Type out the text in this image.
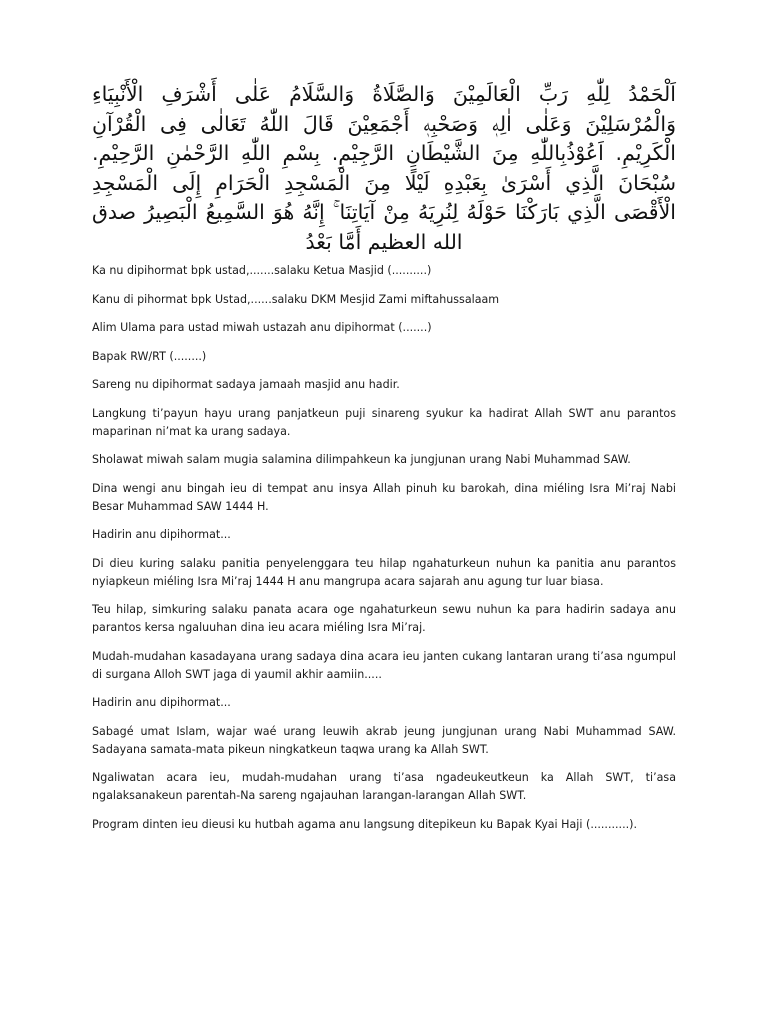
اَلْحَمْدُ لِلّٰهِ رَبِّ الْعَالَمِيْنَ وَالصَّلَاةُ وَالسَّلَامُ عَلٰى أَشْرَفِ الْأَنْبِيَاءِ وَالْمُرْسَلِيْنَ وَعَلٰى اٰلِهٖ وَصَحْبِهٖ أَجْمَعِيْنَ قَالَ اللّٰهُ تَعَالٰى فِى الْقُرْآنِ الْكَرِيْمِ. اَعُوْذُبِاللّٰهِ مِنَ الشَّيْطَانِ الرَّجِيْمِ. بِسْمِ اللّٰهِ الرَّحْمٰنِ الرَّحِيْمِ. سُبْحَانَ الَّذِي أَسْرَىٰ بِعَبْدِهِ لَيْلًا مِنَ الْمَسْجِدِ الْحَرَامِ إِلَى الْمَسْجِدِ الْأَقْصَى الَّذِي بَارَكْنَا حَوْلَهُ لِنُرِيَهُ مِنْ آيَاتِنَا ۚ إِنَّهُ هُوَ السَّمِيعُ الْبَصِيرُ صدق الله العظيم أَمَّا بَعْدُ

Ka nu dipihormat bpk ustad,.......salaku Ketua Masjid (..........)

Kanu di pihormat bpk Ustad,......salaku DKM Mesjid Zami miftahussalaam

Alim Ulama para ustad miwah ustazah anu dipihormat (.......)

Bapak RW/RT (........)

Sareng nu dipihormat sadaya jamaah masjid anu hadir.

Langkung ti’payun hayu urang panjatkeun puji sinareng syukur ka hadirat Allah SWT anu parantos maparinan ni’mat ka urang sadaya.

Sholawat miwah salam mugia salamina dilimpahkeun ka jungjunan urang Nabi Muhammad SAW.

Dina wengi anu bingah ieu di tempat anu insya Allah pinuh ku barokah, dina miéling Isra Mi’raj Nabi Besar Muhammad SAW 1444 H.

Hadirin anu dipihormat...

Di dieu kuring salaku panitia penyelenggara teu hilap ngahaturkeun nuhun ka panitia anu parantos nyiapkeun miéling Isra Mi’raj 1444 H anu mangrupa acara sajarah anu agung tur luar biasa.

Teu hilap, simkuring salaku panata acara oge ngahaturkeun sewu nuhun ka para hadirin sadaya anu parantos kersa ngaluuhan dina ieu acara miéling Isra Mi’raj.

Mudah-mudahan kasadayana urang sadaya dina acara ieu janten cukang lantaran urang ti’asa ngumpul di surgana Alloh SWT jaga di yaumil akhir aamiin.....

Hadirin anu dipihormat...

Sabagé umat Islam, wajar waé urang leuwih akrab jeung jungjunan urang Nabi Muhammad SAW. Sadayana samata-mata pikeun ningkatkeun taqwa urang ka Allah SWT.

Ngaliwatan acara ieu, mudah-mudahan urang ti’asa ngadeukeutkeun ka Allah SWT, ti’asa ngalaksanakeun parentah-Na sareng ngajauhan larangan-larangan Allah SWT.

Program dinten ieu dieusi ku hutbah agama anu langsung ditepikeun ku Bapak Kyai Haji (...........).
